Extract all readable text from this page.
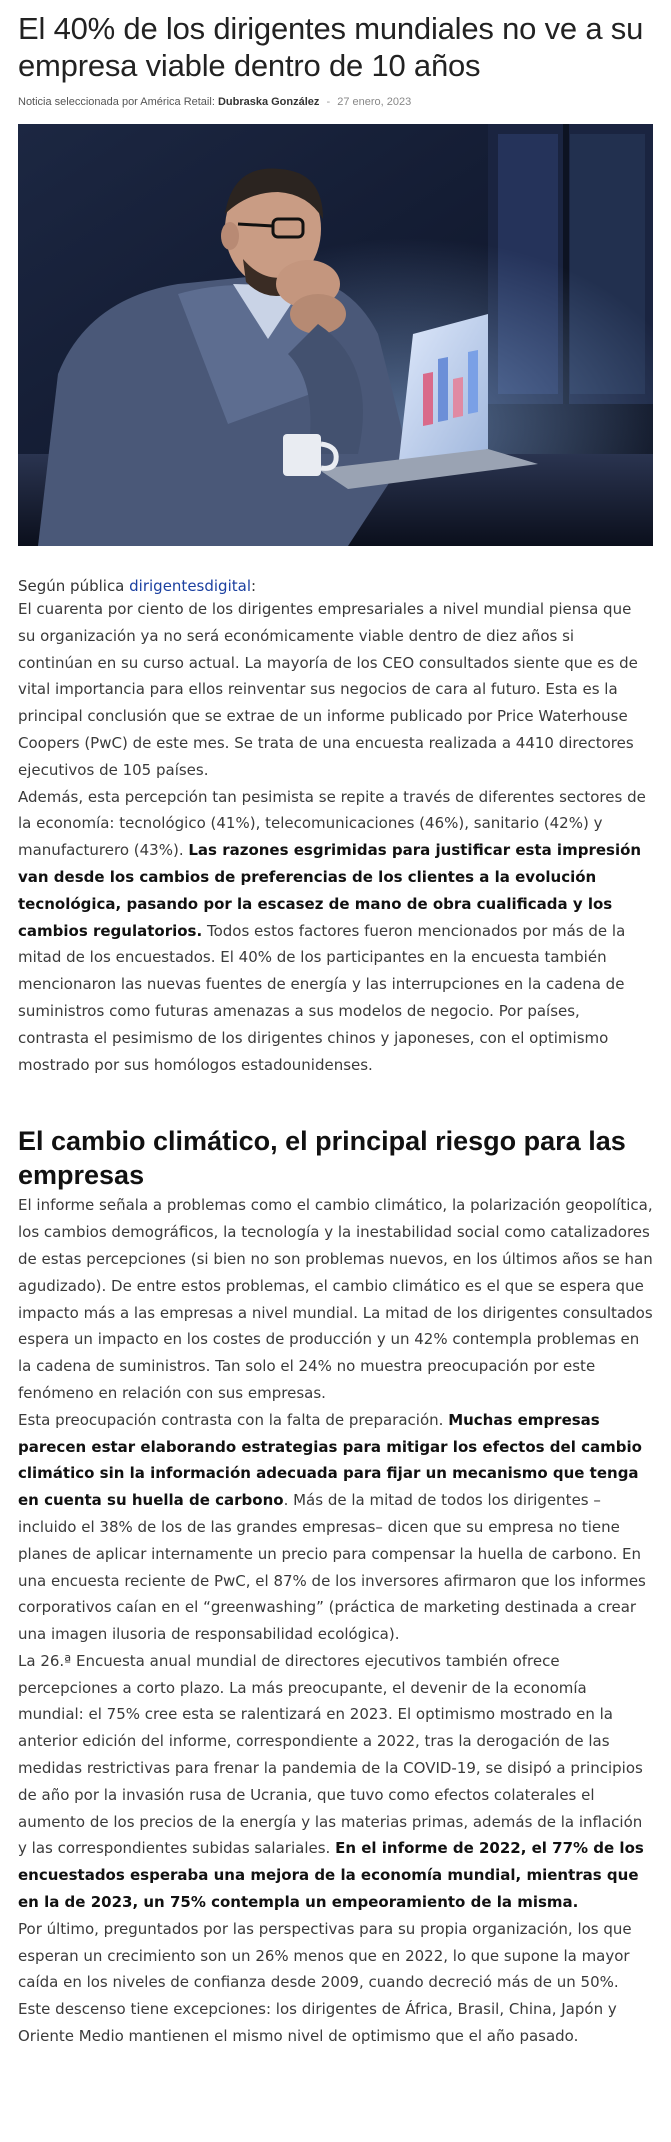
El 40% de los dirigentes mundiales no ve a su empresa viable dentro de 10 años
Noticia seleccionada por América Retail: Dubraska González - 27 enero, 2023
Según pública dirigentesdigital:

El cuarenta por ciento de los dirigentes empresariales a nivel mundial piensa que su organización ya no será económicamente viable dentro de diez años si continúan en su curso actual. La mayoría de los CEO consultados siente que es de vital importancia para ellos reinventar sus negocios de cara al futuro. Esta es la principal conclusión que se extrae de un informe publicado por Price Waterhouse Coopers (PwC) de este mes. Se trata de una encuesta realizada a 4410 directores ejecutivos de 105 países.

Además, esta percepción tan pesimista se repite a través de diferentes sectores de la economía: tecnológico (41%), telecomunicaciones (46%), sanitario (42%) y manufacturero (43%). Las razones esgrimidas para justificar esta impresión van desde los cambios de preferencias de los clientes a la evolución tecnológica, pasando por la escasez de mano de obra cualificada y los cambios regulatorios. Todos estos factores fueron mencionados por más de la mitad de los encuestados. El 40% de los participantes en la encuesta también mencionaron las nuevas fuentes de energía y las interrupciones en la cadena de suministros como futuras amenazas a sus modelos de negocio. Por países, contrasta el pesimismo de los dirigentes chinos y japoneses, con el optimismo mostrado por sus homólogos estadounidenses.

El cambio climático, el principal riesgo para las empresas

El informe señala a problemas como el cambio climático, la polarización geopolítica, los cambios demográficos, la tecnología y la inestabilidad social como catalizadores de estas percepciones (si bien no son problemas nuevos, en los últimos años se han agudizado). De entre estos problemas, el cambio climático es el que se espera que impacto más a las empresas a nivel mundial. La mitad de los dirigentes consultados espera un impacto en los costes de producción y un 42% contempla problemas en la cadena de suministros. Tan solo el 24% no muestra preocupación por este fenómeno en relación con sus empresas.

Esta preocupación contrasta con la falta de preparación. Muchas empresas parecen estar elaborando estrategias para mitigar los efectos del cambio climático sin la información adecuada para fijar un mecanismo que tenga en cuenta su huella de carbono. Más de la mitad de todos los dirigentes –incluido el 38% de los de las grandes empresas– dicen que su empresa no tiene planes de aplicar internamente un precio para compensar la huella de carbono. En una encuesta reciente de PwC, el 87% de los inversores afirmaron que los informes corporativos caían en el “greenwashing” (práctica de marketing destinada a crear una imagen ilusoria de responsabilidad ecológica).

La 26.ª Encuesta anual mundial de directores ejecutivos también ofrece percepciones a corto plazo. La más preocupante, el devenir de la economía mundial: el 75% cree esta se ralentizará en 2023. El optimismo mostrado en la anterior edición del informe, correspondiente a 2022, tras la derogación de las medidas restrictivas para frenar la pandemia de la COVID-19, se disipó a principios de año por la invasión rusa de Ucrania, que tuvo como efectos colaterales el aumento de los precios de la energía y las materias primas, además de la inflación y las correspondientes subidas salariales. En el informe de 2022, el 77% de los encuestados esperaba una mejora de la economía mundial, mientras que en la de 2023, un 75% contempla un empeoramiento de la misma.

Por último, preguntados por las perspectivas para su propia organización, los que esperan un crecimiento son un 26% menos que en 2022, lo que supone la mayor caída en los niveles de confianza desde 2009, cuando decreció más de un 50%. Este descenso tiene excepciones: los dirigentes de África, Brasil, China, Japón y Oriente Medio mantienen el mismo nivel de optimismo que el año pasado.
